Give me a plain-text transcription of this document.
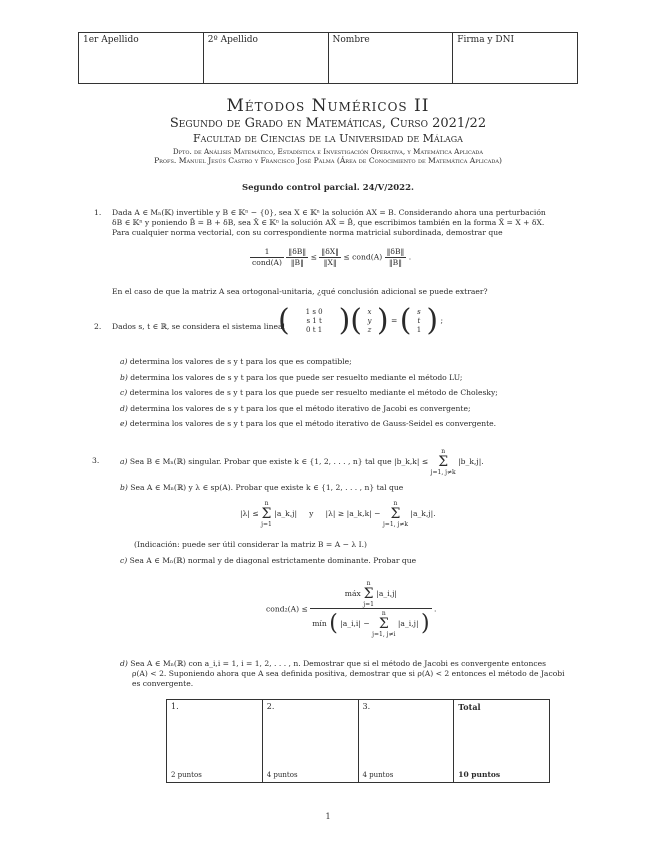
1er Apellido	2º Apellido	Nombre	Firma y DNI
Métodos Numéricos II
Segundo de Grado en Matemáticas, Curso 2021/22
Facultad de Ciencias de la Universidad de Málaga
Dpto. de Análisis Matemático, Estadística e Investigación Operativa, y Matemática Aplicada
Profs. Manuel Jesús Castro y Francisco José Palma (Área de Conocimiento de Matemática Aplicada)
Segundo control parcial. 24/V/2022.
1. Dada A ∈ Mₙ(𝕂) invertible y B ∈ 𝕂ⁿ − {0}, sea X ∈ 𝕂ⁿ la solución AX = B. Considerando ahora una perturbación
δB ∈ 𝕂ⁿ y poniendo B̂ = B + δB, sea X̂ ∈ 𝕂ⁿ la solución AX̂ = B̂, que escribimos también en la forma X̂ = X + δX.
Para cualquier norma vectorial, con su correspondiente norma matricial subordinada, demostrar que
$\frac{1}{\text{cond(A)}}$
$\frac{‖\delta B‖}{‖B‖} \le \frac{‖\delta X‖}{‖X‖}$ ≤ cond(A) $\frac{‖\delta B‖}{‖B‖}$ .
En el caso de que la matriz A sea ortogonal-unitaria, ¿qué conclusión adicional se puede extraer?
2. Dados s, t ∈ ℝ, se considera el sistema lineal
(	1 s 0
s 1 t
0 t 1 )( x
y
z ) = ( s
t
1 ) ;
a) determina los valores de s y t para los que es compatible;
b) determina los valores de s y t para los que puede ser resuelto mediante el método LU;
c) determina los valores de s y t para los que puede ser resuelto mediante el método de Cholesky;
d) determina los valores de s y t para los que el método iterativo de Jacobi es convergente;
e) determina los valores de s y t para los que el método iterativo de Gauss-Seidel es convergente.
3.	a) Sea B ∈ Mₙ(ℝ) singular. Probar que existe k ∈ {1, 2, . . . , n} tal que |b_k,k| ≤ n
Σ
j=1, j≠k |b_k,j|.
b) Sea A ∈ Mₙ(ℝ) y λ ∈ sp(A). Probar que existe k ∈ {1, 2, . . . , n} tal que
|λ| ≤ n
Σ
j=1 |a_k,j| y |λ| ≥ |a_k,k| − n
Σ
j=1, j≠k |a_k,j|.
(Indicación: puede ser útil considerar la matriz B = A − λ I.)
c) Sea A ∈ Mₙ(ℝ) normal y de diagonal estrictamente dominante. Probar que
cond₂(A) ≤
máx n
Σ
j=1 |a_i,j|
mín ( |a_i,i| − n
Σ
j=1, j≠i |a_i,j| )
.
d) Sea A ∈ Mₙ(ℝ) con a_i,i = 1, i = 1, 2, . . . , n. Demostrar que si el método de Jacobi es convergente entonces
ρ(A) < 2. Suponiendo ahora que A sea definida positiva, demostrar que si ρ(A) < 2 entonces el método de Jacobi
es convergente.
1.
2 puntos
	2.
4 puntos
	3.
4 puntos
	Total
10 puntos
1
